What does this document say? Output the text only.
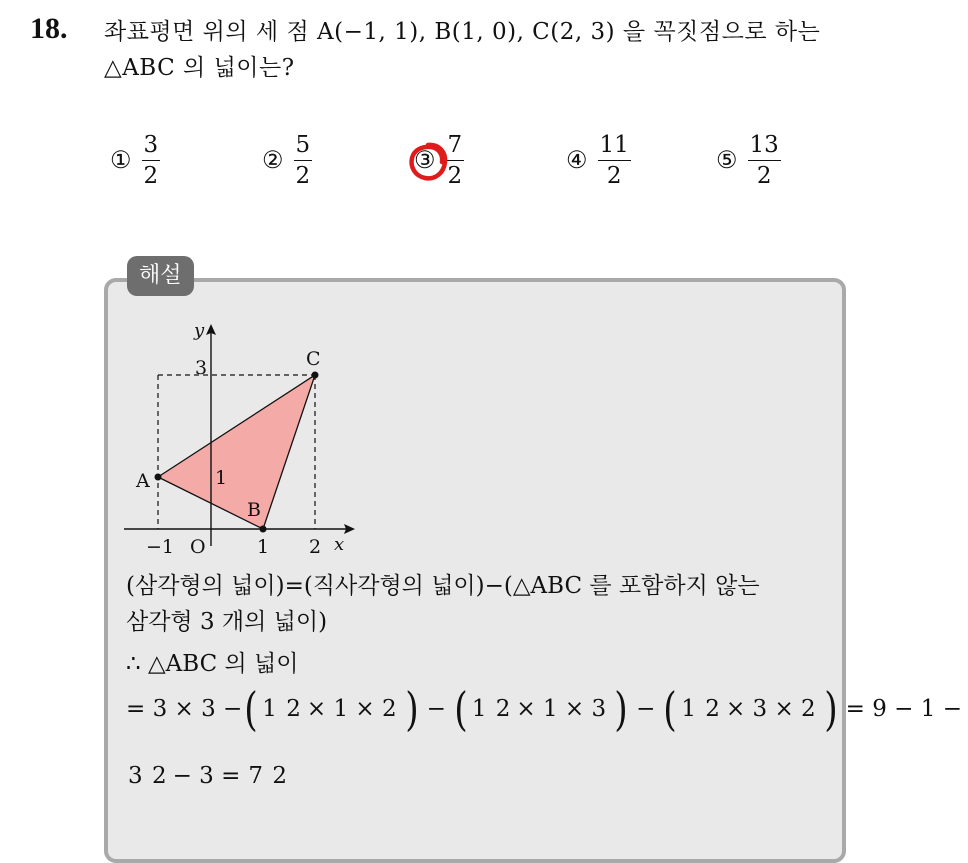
18. 좌표평면 위의 세 점 A(−1, 1), B(1, 0), C(2, 3) 을 꼭짓점으로 하는
△ABC 의 넓이는?
① $\frac{3}{2}$	② $\frac{5}{2}$	③ $\frac{7}{2}$	④ $\frac{11}{2}$	⑤ $\frac{13}{2}$
해설
A
B
C
1
3
−1 O	1 2 x
y
(삼각형의 넓이)=(직사각형의 넓이)−(△ABC 를 포함하지 않는
삼각형 3 개의 넓이)
∴ △ABC 의 넓이
= 3 × 3 − ( 1 2 × 1 × 2 ) − ( 1 2 × 1 × 3 ) − ( 1 2 × 3 × 2 ) = 9 − 1 −
3 2 − 3 = 7 2
